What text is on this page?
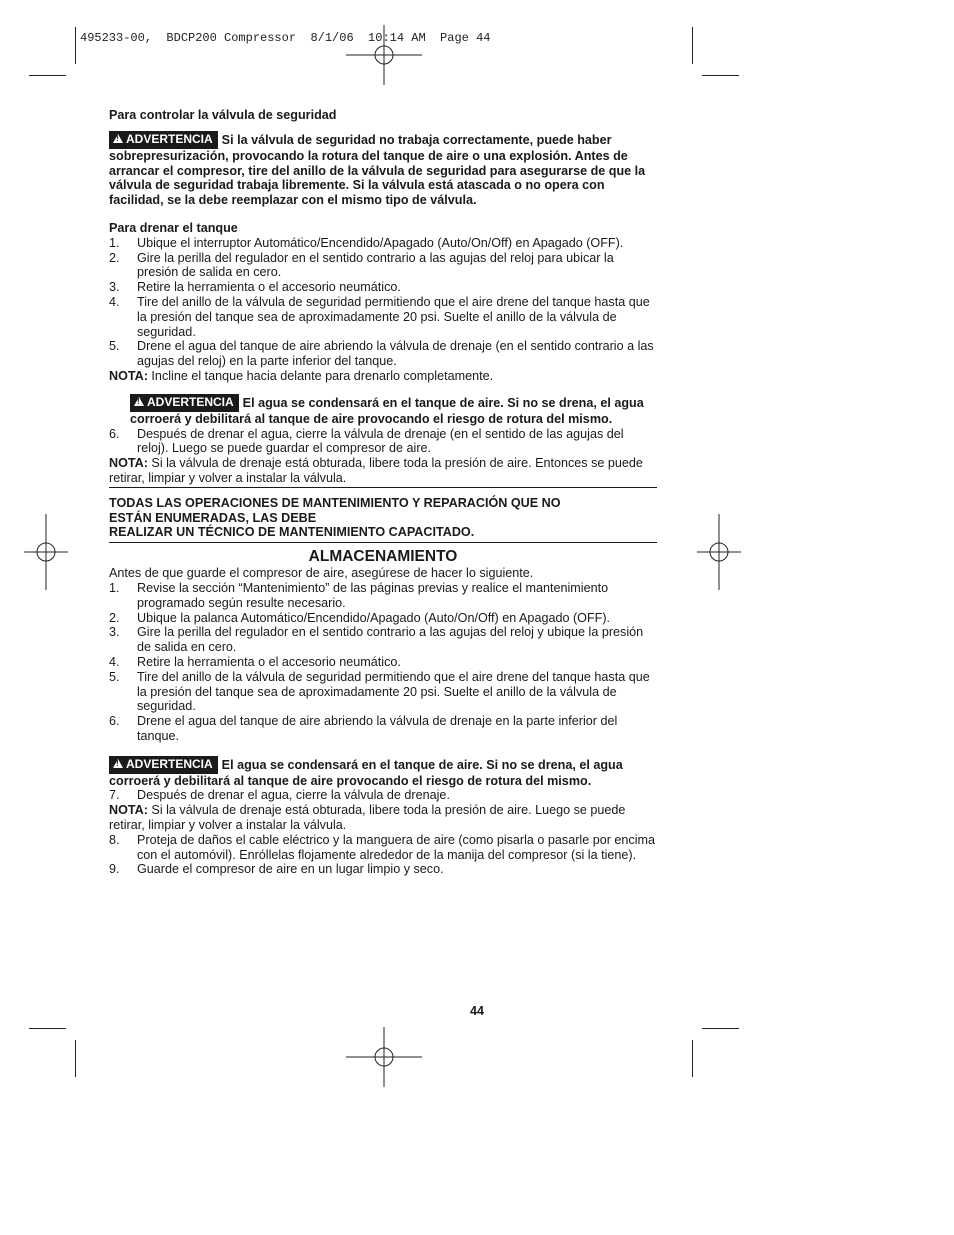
495233-00,  BDCP200 Compressor  8/1/06  10:14 AM  Page 44

Para controlar la válvula de seguridad

!ADVERTENCIA Si la válvula de seguridad no trabaja correctamente, puede haber sobrepresurización, provocando la rotura del tanque de aire o una explosión. Antes de arrancar el compresor, tire del anillo de la válvula de seguridad para asegurarse de que la válvula de seguridad trabaja libremente. Si la válvula está atascada o no opera con facilidad, se la debe reemplazar con el mismo tipo de válvula.

Para drenar el tanque

1.	Ubique el interruptor Automático/Encendido/Apagado (Auto/On/Off) en Apagado (OFF).
2.	Gire la perilla del regulador en el sentido contrario a las agujas del reloj para ubicar la presión de salida en cero.
3.	Retire la herramienta o el accesorio neumático.
4.	Tire del anillo de la válvula de seguridad permitiendo que el aire drene del tanque hasta que la presión del tanque sea de aproximadamente 20 psi. Suelte el anillo de la válvula de seguridad.
5.	Drene el agua del tanque de aire abriendo la válvula de drenaje (en el sentido contrario a las agujas del reloj) en la parte inferior del tanque.

NOTA: Incline el tanque hacia delante para drenarlo completamente.

!ADVERTENCIA El agua se condensará en el tanque de aire. Si no se drena, el agua corroerá y debilitará al tanque de aire provocando el riesgo de rotura del mismo.

6.	Después de drenar el agua, cierre la válvula de drenaje (en el sentido de las agujas del reloj). Luego se puede guardar el compresor de aire.

NOTA: Si la válvula de drenaje está obturada, libere toda la presión de aire. Entonces se puede retirar, limpiar y volver a instalar la válvula.

TODAS LAS OPERACIONES DE MANTENIMIENTO Y REPARACIÓN QUE NO

ESTÁN ENUMERADAS, LAS DEBE

REALIZAR UN TÉCNICO DE MANTENIMIENTO CAPACITADO.

ALMACENAMIENTO

Antes de que guarde el compresor de aire, asegúrese de hacer lo siguiente.

1.	Revise la sección “Mantenimiento” de las páginas previas y realice el mantenimiento programado según resulte necesario.
2.	Ubique la palanca Automático/Encendido/Apagado (Auto/On/Off) en Apagado (OFF).
3.	Gire la perilla del regulador en el sentido contrario a las agujas del reloj y ubique la presión de salida en cero.
4.	Retire la herramienta o el accesorio neumático.
5.	Tire del anillo de la válvula de seguridad permitiendo que el aire drene del tanque hasta que la presión del tanque sea de aproximadamente 20 psi. Suelte el anillo de la válvula de seguridad.
6.	Drene el agua del tanque de aire abriendo la válvula de drenaje en la parte inferior del tanque.

!ADVERTENCIA El agua se condensará en el tanque de aire. Si no se drena, el agua corroerá y debilitará al tanque de aire provocando el riesgo de rotura del mismo.

7.	Después de drenar el agua, cierre la válvula de drenaje.

NOTA: Si la válvula de drenaje está obturada, libere toda la presión de aire. Luego se puede retirar, limpiar y volver a instalar la válvula.

8.	Proteja de daños el cable eléctrico y la manguera de aire (como pisarla o pasarle por encima con el automóvil). Enróllelas flojamente alrededor de la manija del compresor (si la tiene).
9.	Guarde el compresor de aire en un lugar limpio y seco.
44
